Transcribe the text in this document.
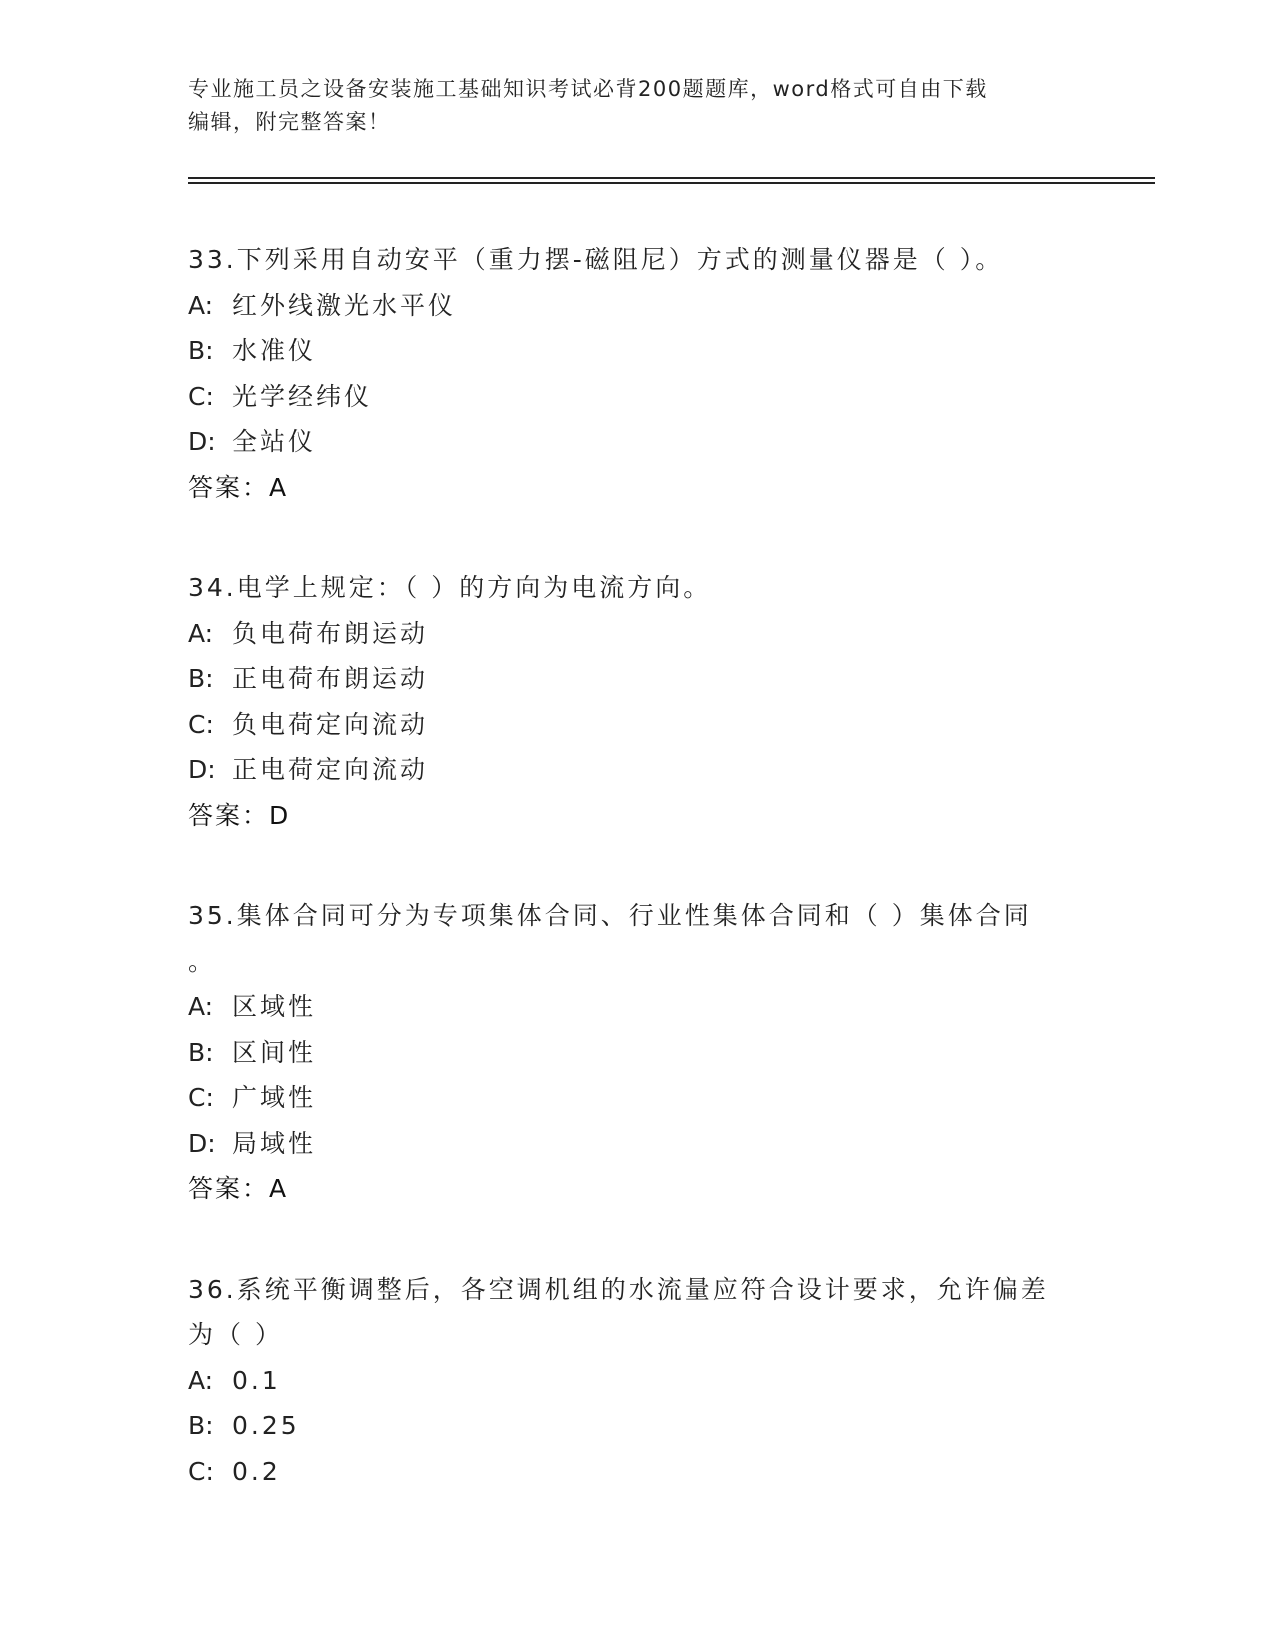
专业施工员之设备安装施工基础知识考试必背200题题库，word格式可自由下载
编辑，附完整答案！
33.下列采用自动安平（重力摆-磁阻尼）方式的测量仪器是（ ）。
A: 红外线激光水平仪
B: 水准仪
C: 光学经纬仪
D: 全站仪
答案：A
34.电学上规定：（ ）的方向为电流方向。
A: 负电荷布朗运动
B: 正电荷布朗运动
C: 负电荷定向流动
D: 正电荷定向流动
答案：D
35.集体合同可分为专项集体合同、行业性集体合同和（ ）集体合同
。
A: 区域性
B: 区间性
C: 广域性
D: 局域性
答案：A
36.系统平衡调整后，各空调机组的水流量应符合设计要求，允许偏差
为（ ）
A: 0.1
B: 0.25
C: 0.2
